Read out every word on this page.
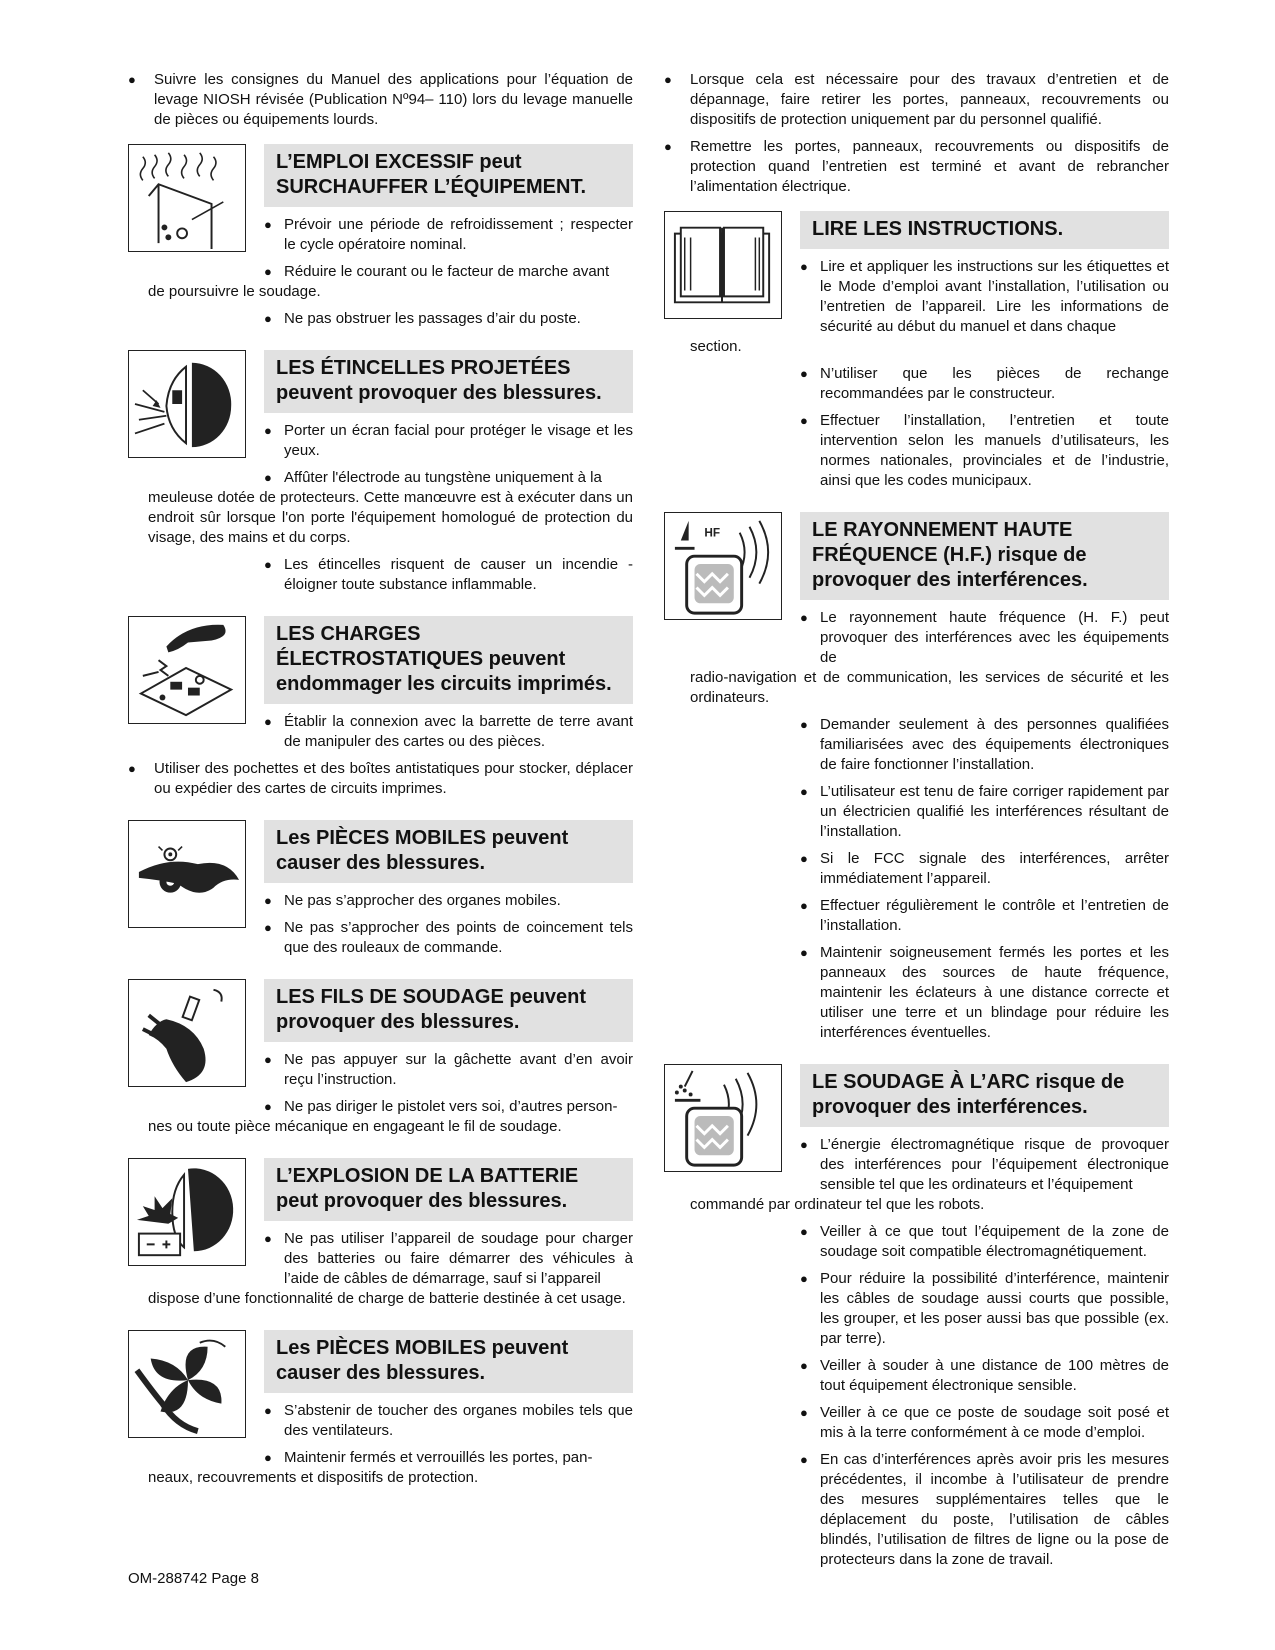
● Suivre les consignes du Manuel des applications pour l’équation de levage NIOSH révisée (Publication Nº94– 110) lors du levage manuelle de pièces ou équipements lourds.

L’EMPLOI EXCESSIF peut SURCHAUFFER L’ÉQUIPEMENT.

● Prévoir une période de refroidissement ; respecter le cycle opératoire nominal.

● Réduire le courant ou le facteur de marche avant

de poursuivre le soudage.

● Ne pas obstruer les passages d’air du poste.

LES ÉTINCELLES PROJETÉES peuvent provoquer des blessures.

● Porter un écran facial pour protéger le visage et les yeux.

● Affûter l'électrode au tungstène uniquement à la

meuleuse dotée de protecteurs. Cette manœuvre est à exécuter dans un endroit sûr lorsque l'on porte l'équipement homologué de protection du visage, des mains et du corps.

● Les étincelles risquent de causer un incendie - éloigner toute substance inflammable.

LES CHARGES ÉLECTROSTATIQUES peuvent endommager les circuits imprimés.

● Établir la connexion avec la barrette de terre avant de manipuler des cartes ou des pièces.

● Utiliser des pochettes et des boîtes antistatiques pour stocker, déplacer ou expédier des cartes de circuits imprimes.

Les PIÈCES MOBILES peuvent causer des blessures.

● Ne pas s’approcher des organes mobiles.

● Ne pas s’approcher des points de coincement tels que des rouleaux de commande.

LES FILS DE SOUDAGE peuvent provoquer des blessures.

● Ne pas appuyer sur la gâchette avant d’en avoir reçu l’instruction.

● Ne pas diriger le pistolet vers soi, d’autres person-

nes ou toute pièce mécanique en engageant le fil de soudage.

L’EXPLOSION DE LA BATTERIE peut provoquer des blessures.

● Ne pas utiliser l’appareil de soudage pour charger des batteries ou faire démarrer des véhicules à l’aide de câbles de démarrage, sauf si l’appareil

dispose d’une fonctionnalité de charge de batterie destinée à cet usage.

Les PIÈCES MOBILES peuvent causer des blessures.

● S’abstenir de toucher des organes mobiles tels que des ventilateurs.

● Maintenir fermés et verrouillés les portes, pan-

neaux, recouvrements et dispositifs de protection.

● Lorsque cela est nécessaire pour des travaux d’entretien et de dépannage, faire retirer les portes, panneaux, recouvrements ou dispositifs de protection uniquement par du personnel qualifié.

● Remettre les portes, panneaux, recouvrements ou dispositifs de protection quand l’entretien est terminé et avant de rebrancher l’alimentation électrique.

LIRE LES INSTRUCTIONS.

● Lire et appliquer les instructions sur les étiquettes et le Mode d’emploi avant l’installation, l’utilisation ou l’entretien de l’appareil. Lire les informations de sécurité au début du manuel et dans chaque

section.

● N’utiliser que les pièces de rechange recommandées par le constructeur.

● Effectuer l’installation, l’entretien et toute intervention selon les manuels d’utilisateurs, les normes nationales, provinciales et de l’industrie, ainsi que les codes municipaux.

HF	LE RAYONNEMENT HAUTE FRÉQUENCE (H.F.) risque de provoquer des interférences.

● Le rayonnement haute fréquence (H. F.) peut provoquer des interférences avec les équipements de

radio-navigation et de communication, les services de sécurité et les ordinateurs.

● Demander seulement à des personnes qualifiées familiarisées avec des équipements électroniques de faire fonctionner l’installation.

● L’utilisateur est tenu de faire corriger rapidement par un électricien qualifié les interférences résultant de l’installation.

● Si le FCC signale des interférences, arrêter immédiatement l’appareil.

● Effectuer régulièrement le contrôle et l’entretien de l’installation.

● Maintenir soigneusement fermés les portes et les panneaux des sources de haute fréquence, maintenir les éclateurs à une distance correcte et utiliser une terre et un blindage pour réduire les interférences éventuelles.

LE SOUDAGE À L’ARC risque de provoquer des interférences.

● L’énergie électromagnétique risque de provoquer des interférences pour l’équipement électronique sensible tel que les ordinateurs et l’équipement

commandé par ordinateur tel que les robots.

● Veiller à ce que tout l’équipement de la zone de soudage soit compatible électromagnétiquement.

● Pour réduire la possibilité d’interférence, maintenir les câbles de soudage aussi courts que possible, les grouper, et les poser aussi bas que possible (ex. par terre).

● Veiller à souder à une distance de 100 mètres de tout équipement électronique sensible.

● Veiller à ce que ce poste de soudage soit posé et mis à la terre conformément à ce mode d’emploi.

● En cas d’interférences après avoir pris les mesures précédentes, il incombe à l’utilisateur de prendre des mesures supplémentaires telles que le déplacement du poste, l’utilisation de câbles blindés, l’utilisation de filtres de ligne ou la pose de protecteurs dans la zone de travail.

OM-288742 Page 8
